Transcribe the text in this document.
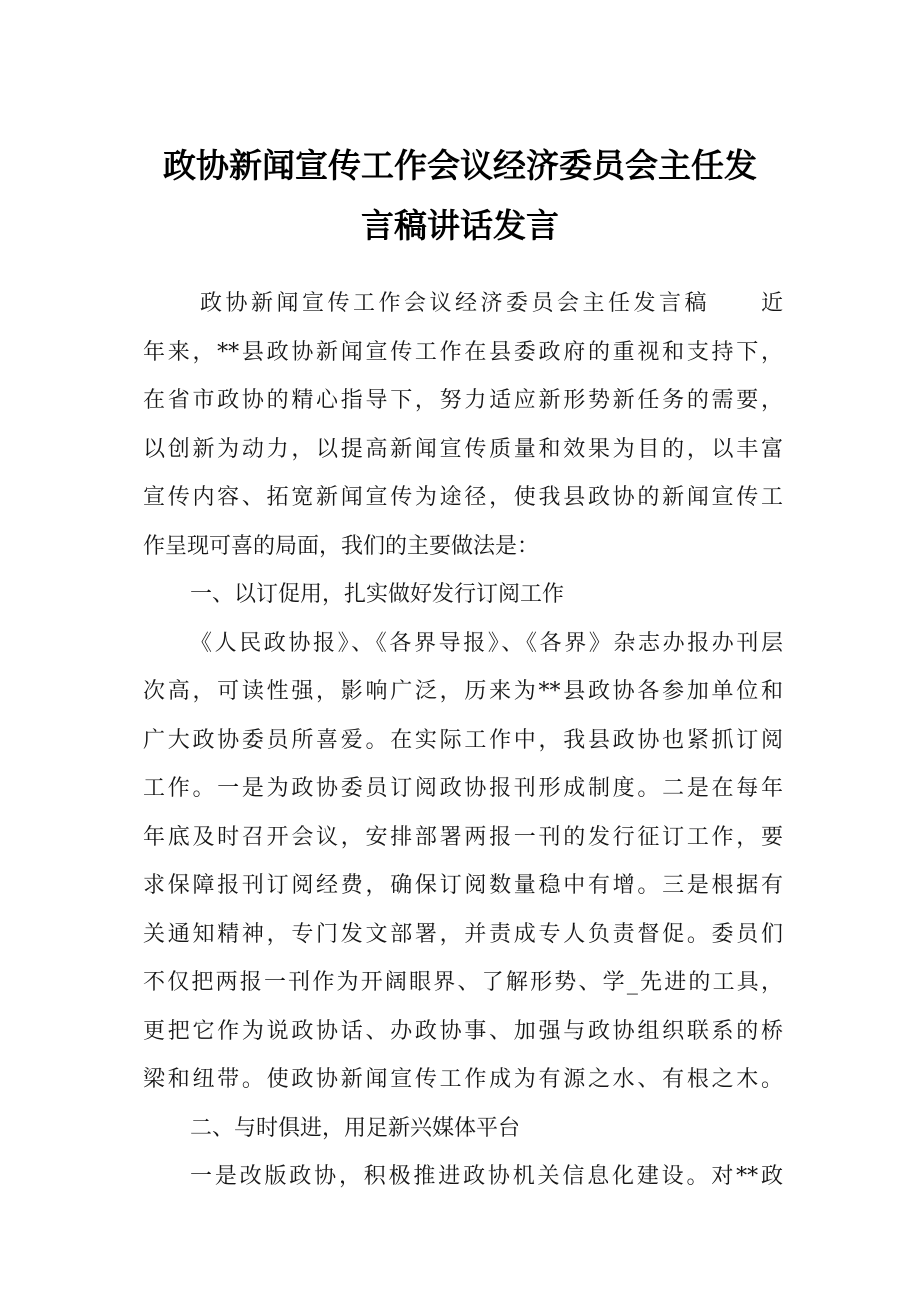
政协新闻宣传工作会议经济委员会主任发
言稿讲话发言
政协新闻宣传工作会议经济委员会主任发言稿　　近
年来，**县政协新闻宣传工作在县委政府的重视和支持下，
在省市政协的精心指导下，努力适应新形势新任务的需要，
以创新为动力，以提高新闻宣传质量和效果为目的，以丰富
宣传内容、拓宽新闻宣传为途径，使我县政协的新闻宣传工
作呈现可喜的局面，我们的主要做法是：
一、以订促用，扎实做好发行订阅工作
《人民政协报》、《各界导报》、《各界》杂志办报办刊层
次高，可读性强，影响广泛，历来为**县政协各参加单位和
广大政协委员所喜爱。在实际工作中，我县政协也紧抓订阅
工作。一是为政协委员订阅政协报刊形成制度。二是在每年
年底及时召开会议，安排部署两报一刊的发行征订工作，要
求保障报刊订阅经费，确保订阅数量稳中有增。三是根据有
关通知精神，专门发文部署，并责成专人负责督促。委员们
不仅把两报一刊作为开阔眼界、了解形势、学_先进的工具，
更把它作为说政协话、办政协事、加强与政协组织联系的桥
梁和纽带。使政协新闻宣传工作成为有源之水、有根之木。
二、与时俱进，用足新兴媒体平台
一是改版政协，积极推进政协机关信息化建设。对**政
